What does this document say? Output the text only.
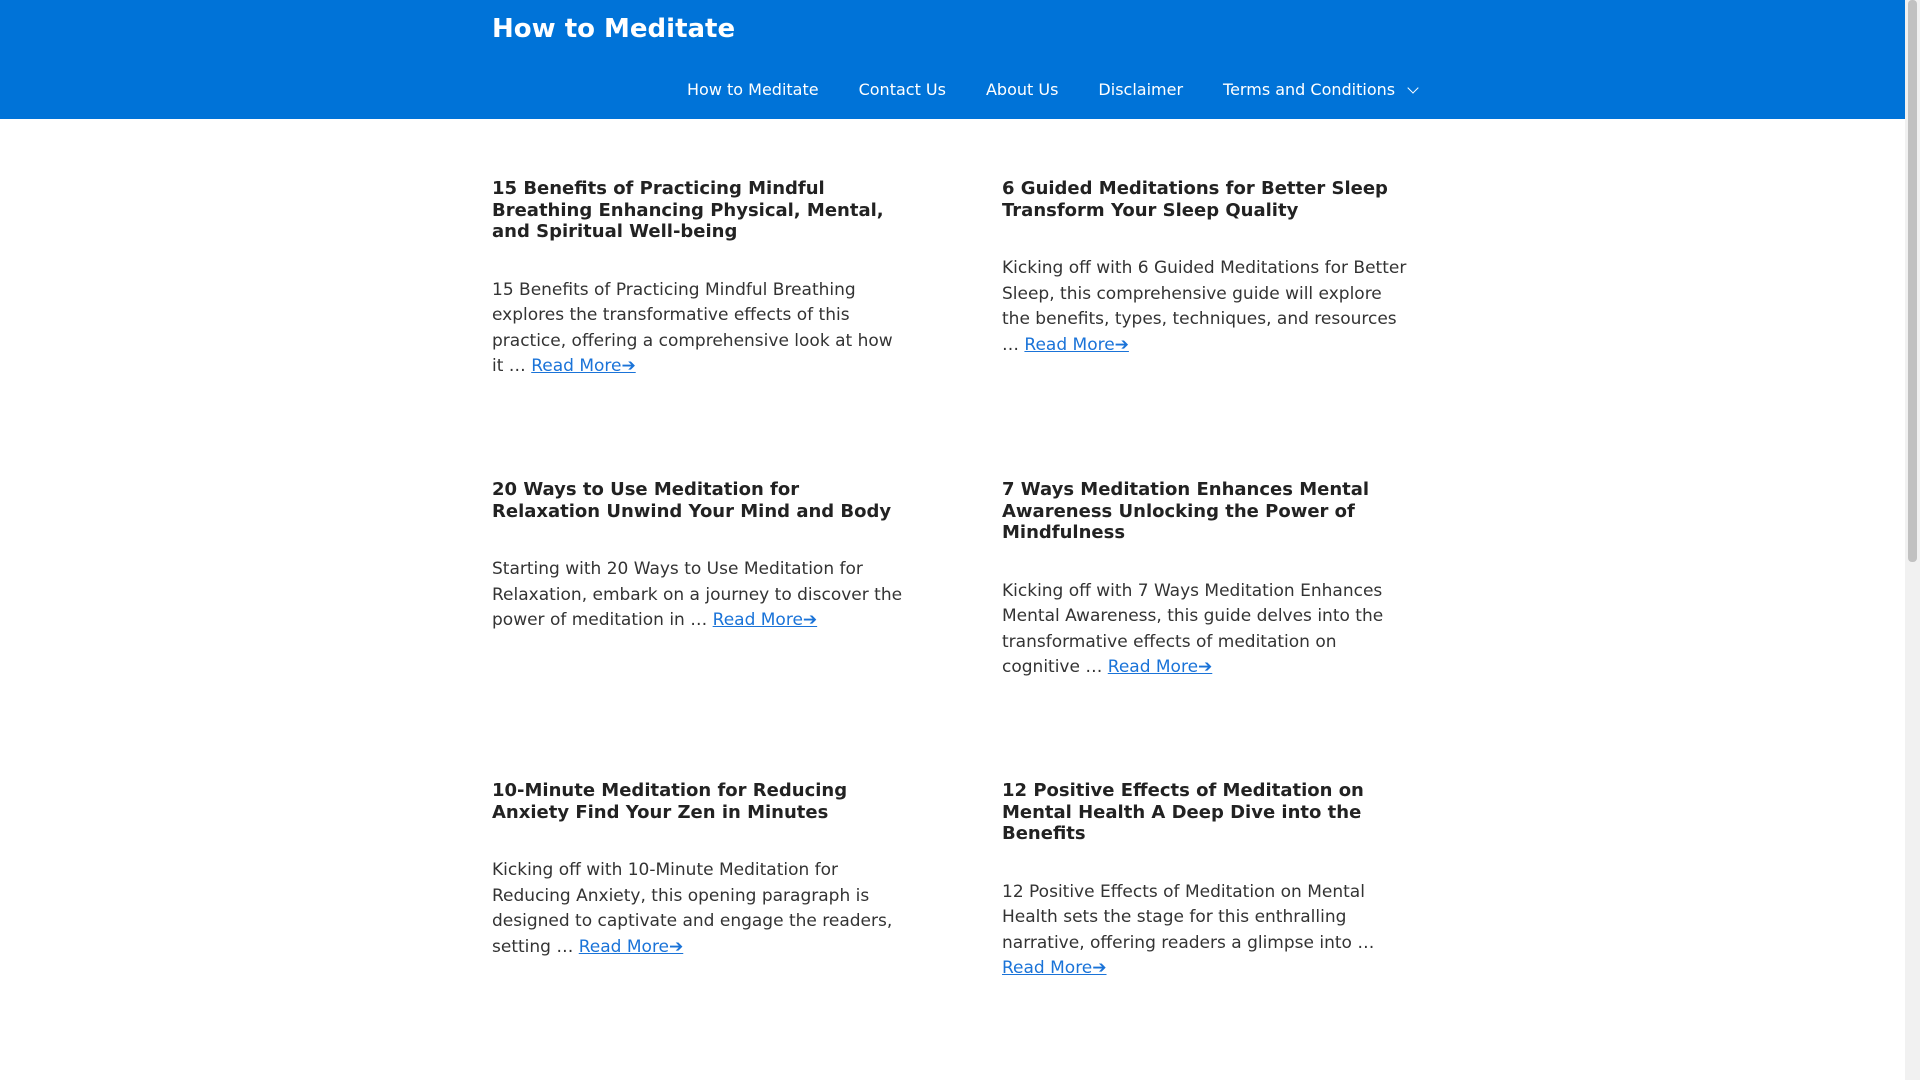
How to Meditate
How to Meditate	Contact Us	About Us	Disclaimer	Terms and Conditions
15 Benefits of Practicing Mindful Breathing Enhancing Physical, Mental, and Spiritual Well-being

15 Benefits of Practicing Mindful Breathing explores the transformative effects of this practice, offering a comprehensive look at how it … Read More➔

6 Guided Meditations for Better Sleep Transform Your Sleep Quality

Kicking off with 6 Guided Meditations for Better Sleep, this comprehensive guide will explore the benefits, types, techniques, and resources … Read More➔

20 Ways to Use Meditation for Relaxation Unwind Your Mind and Body

Starting with 20 Ways to Use Meditation for Relaxation, embark on a journey to discover the power of meditation in … Read More➔

7 Ways Meditation Enhances Mental Awareness Unlocking the Power of Mindfulness

Kicking off with 7 Ways Meditation Enhances Mental Awareness, this guide delves into the transformative effects of meditation on cognitive … Read More➔

10-Minute Meditation for Reducing Anxiety Find Your Zen in Minutes

Kicking off with 10-Minute Meditation for Reducing Anxiety, this opening paragraph is designed to captivate and engage the readers, setting … Read More➔

12 Positive Effects of Meditation on Mental Health A Deep Dive into the Benefits

12 Positive Effects of Meditation on Mental Health sets the stage for this enthralling narrative, offering readers a glimpse into … Read More➔
